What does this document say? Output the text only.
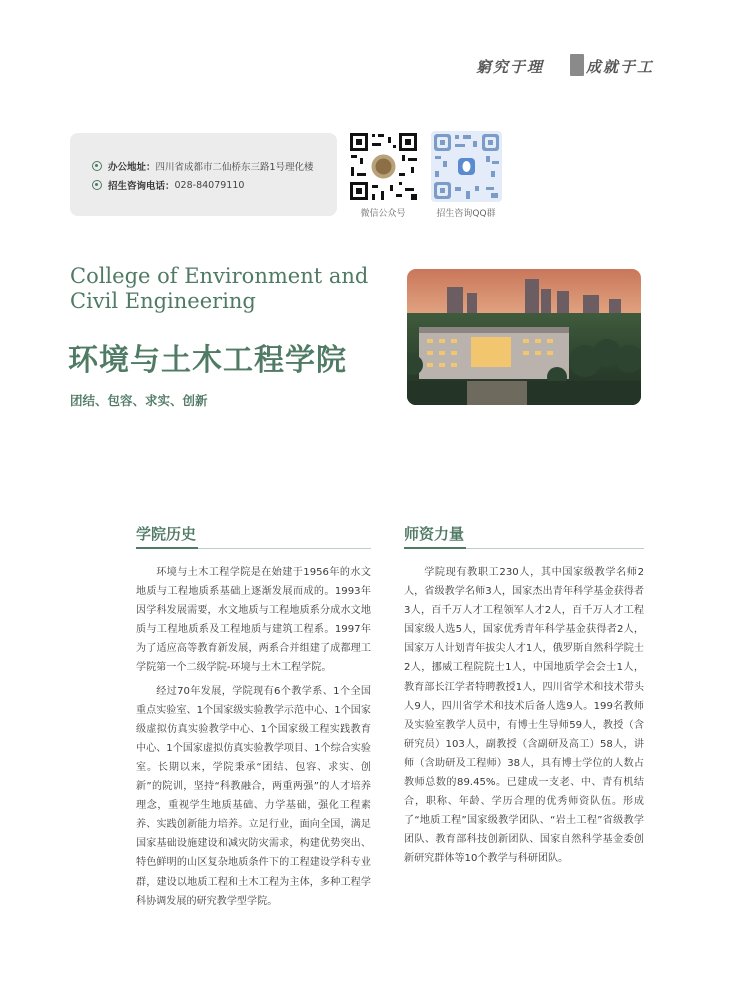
窮究于理	成就于工
办公地址： 四川省成都市二仙桥东三路1号理化楼
招生咨询电话： 028-84079110
微信公众号	招生咨询QQ群
College of Environment and Civil Engineering
环境与土木工程学院
团结、包容、求实、创新
学院历史

环境与土木工程学院是在始建于1956年的水文地质与工程地质系基础上逐渐发展而成的。1993年因学科发展需要，水文地质与工程地质系分成水文地质与工程地质系及工程地质与建筑工程系。1997年为了适应高等教育新发展，两系合并组建了成都理工学院第一个二级学院-环境与土木工程学院。

经过70年发展，学院现有6个教学系、1个全国重点实验室、1个国家级实验教学示范中心、1个国家级虚拟仿真实验教学中心、1个国家级工程实践教育中心、1个国家虚拟仿真实验教学项目、1个综合实验室。长期以来，学院秉承“团结、包容、求实、创新”的院训，坚持“科教融合，两重两强”的人才培养理念，重视学生地质基础、力学基础，强化工程素养、实践创新能力培养。立足行业，面向全国，满足国家基础设施建设和减灾防灾需求，构建优势突出、特色鲜明的山区复杂地质条件下的工程建设学科专业群，建设以地质工程和土木工程为主体，多种工程学科协调发展的研究教学型学院。

师资力量

学院现有教职工230人，其中国家级教学名师2人，省级教学名师3人，国家杰出青年科学基金获得者3人，百千万人才工程领军人才2人，百千万人才工程国家级人选5人，国家优秀青年科学基金获得者2人，国家万人计划青年拔尖人才1人，俄罗斯自然科学院士2人，挪威工程院院士1人，中国地质学会会士1人，教育部长江学者特聘教授1人，四川省学术和技术带头人9人，四川省学术和技术后备人选9人。199名教师及实验室教学人员中，有博士生导师59人，教授（含研究员）103人，副教授（含副研及高工）58人，讲师（含助研及工程师）38人，具有博士学位的人数占教师总数的89.45%。已建成一支老、中、青有机结合，职称、年龄、学历合理的优秀师资队伍。形成了“地质工程”国家级教学团队、“岩土工程”省级教学团队、教育部科技创新团队、国家自然科学基金委创新研究群体等10个教学与科研团队。
